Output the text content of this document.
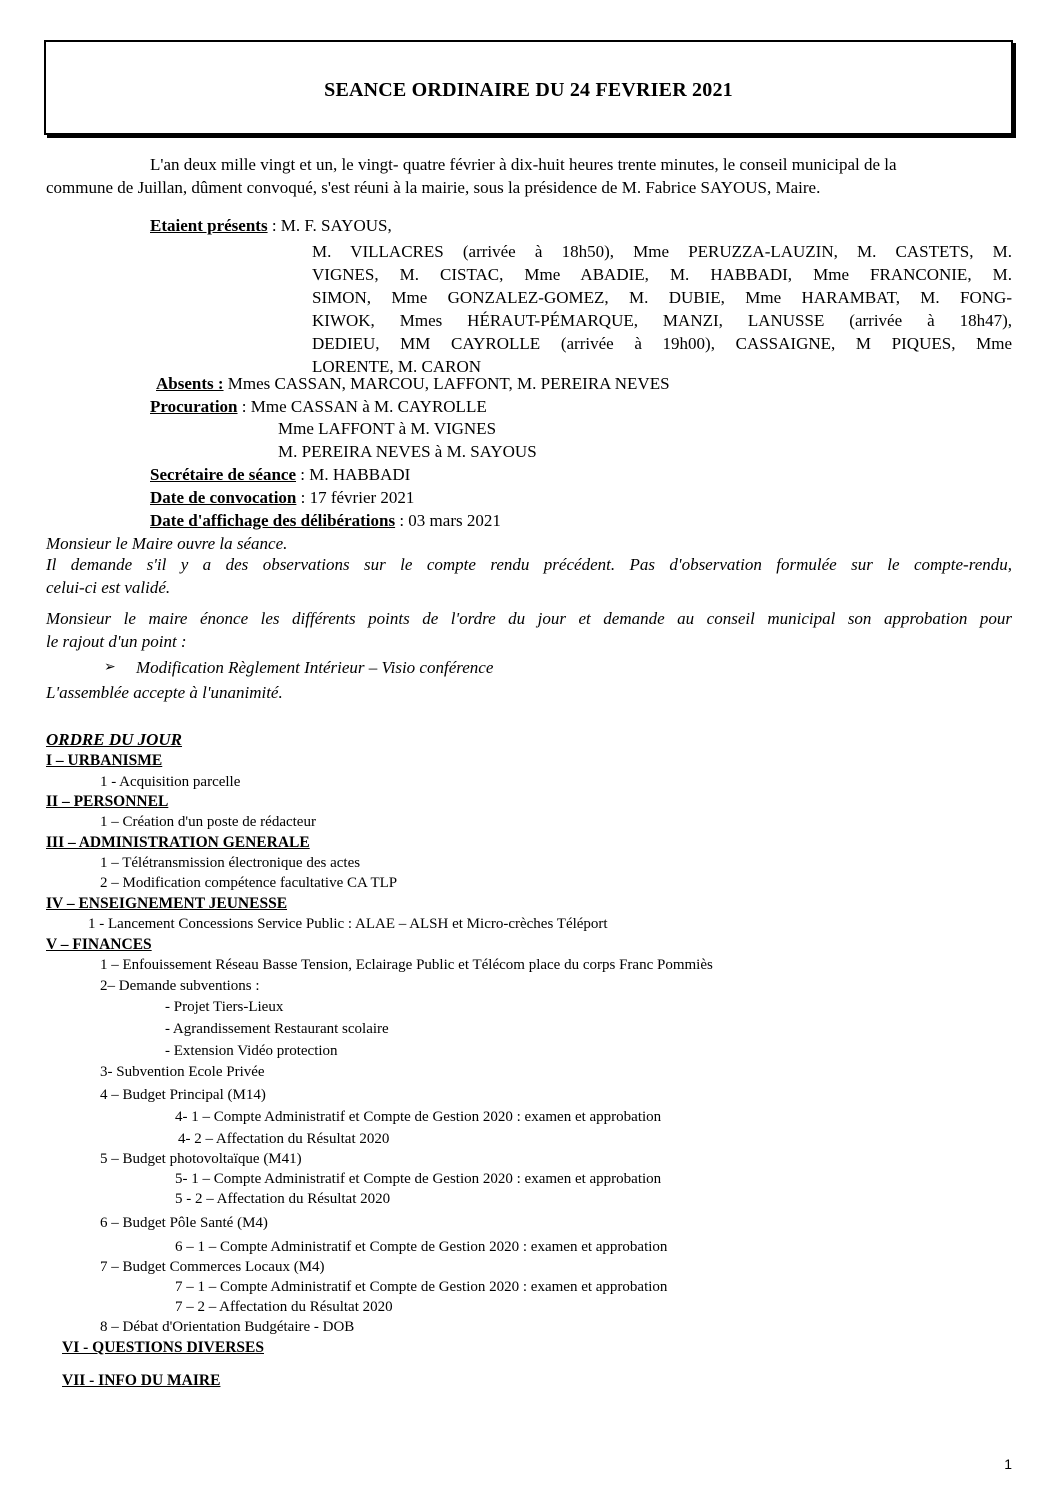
SEANCE ORDINAIRE DU 24 FEVRIER 2021
L'an deux mille vingt et un, le vingt- quatre février à dix-huit heures trente minutes, le conseil municipal de la
commune de Juillan, dûment convoqué, s'est réuni à la mairie, sous la présidence de M. Fabrice SAYOUS, Maire.
Etaient présents : M. F. SAYOUS,
M. VILLACRES (arrivée à 18h50), Mme PERUZZA-LAUZIN, M. CASTETS, M.
VIGNES, M. CISTAC, Mme ABADIE, M. HABBADI, Mme FRANCONIE, M.
SIMON, Mme GONZALEZ-GOMEZ, M. DUBIE, Mme HARAMBAT, M. FONG-
KIWOK, Mmes HÉRAUT-PÉMARQUE, MANZI, LANUSSE (arrivée à 18h47),
DEDIEU, MM CAYROLLE (arrivée à 19h00), CASSAIGNE, M PIQUES, Mme
LORENTE, M. CARON
Absents : Mmes CASSAN, MARCOU, LAFFONT, M. PEREIRA NEVES
Procuration : Mme CASSAN à M. CAYROLLE
Mme LAFFONT à M. VIGNES
M. PEREIRA NEVES à M. SAYOUS
Secrétaire de séance : M. HABBADI
Date de convocation : 17 février 2021
Date d'affichage des délibérations : 03 mars 2021
Monsieur le Maire ouvre la séance.
Il demande s'il y a des observations sur le compte rendu précédent. Pas d'observation formulée sur le compte-rendu,
celui-ci est validé.
Monsieur le maire énonce les différents points de l'ordre du jour et demande au conseil municipal son approbation pour
le rajout d'un point :
➢ Modification Règlement Intérieur – Visio conférence
L'assemblée accepte à l'unanimité.
ORDRE DU JOUR
I – URBANISME
1 - Acquisition parcelle
II – PERSONNEL
1 – Création d'un poste de rédacteur
III – ADMINISTRATION GENERALE
1 – Télétransmission électronique des actes
2 – Modification compétence facultative CA TLP
IV – ENSEIGNEMENT JEUNESSE
1 - Lancement Concessions Service Public : ALAE – ALSH et Micro-crèches Téléport
V – FINANCES
1 – Enfouissement Réseau Basse Tension, Eclairage Public et Télécom place du corps Franc Pommiès
2– Demande subventions :
- Projet Tiers-Lieux
- Agrandissement Restaurant scolaire
- Extension Vidéo protection
3- Subvention Ecole Privée
4 – Budget Principal (M14)
4- 1 – Compte Administratif et Compte de Gestion 2020 : examen et approbation
4- 2 – Affectation du Résultat 2020
5 – Budget photovoltaïque (M41)
5- 1 – Compte Administratif et Compte de Gestion 2020 : examen et approbation
5 - 2 – Affectation du Résultat 2020
6 – Budget Pôle Santé (M4)
6 – 1 – Compte Administratif et Compte de Gestion 2020 : examen et approbation
7 – Budget Commerces Locaux (M4)
7 – 1 – Compte Administratif et Compte de Gestion 2020 : examen et approbation
7 – 2 – Affectation du Résultat 2020
8 – Débat d'Orientation Budgétaire - DOB
VI - QUESTIONS DIVERSES
VII - INFO DU MAIRE
1
